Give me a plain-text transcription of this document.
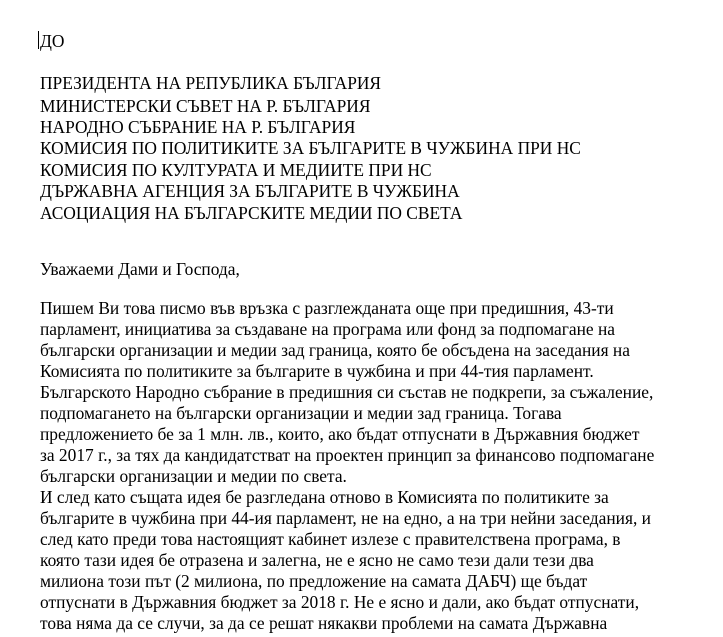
ДО
ПРЕЗИДЕНТА НА РЕПУБЛИКА БЪЛГАРИЯ
МИНИСТЕРСКИ СЪВЕТ НА Р. БЪЛГАРИЯ
НАРОДНО СЪБРАНИЕ НА Р. БЪЛГАРИЯ
КОМИСИЯ ПО ПОЛИТИКИТЕ ЗА БЪЛГАРИТЕ В ЧУЖБИНА ПРИ НС
КОМИСИЯ ПО КУЛТУРАТА И МЕДИИТЕ ПРИ НС
ДЪРЖАВНА АГЕНЦИЯ ЗА БЪЛГАРИТЕ В ЧУЖБИНА
АСОЦИАЦИЯ НА БЪЛГАРСКИТЕ МЕДИИ ПО СВЕТА
Уважаеми Дами и Господа,
Пишем Ви това писмо във връзка с разглежданата още при предишния, 43-ти
парламент, инициатива за създаване на програма или фонд за подпомагане на
български организации и медии зад граница, която бе обсъдена на заседания на
Комисията по политиките за българите в чужбина и при 44-тия парламент.
Българското Народно събрание в предишния си състав не подкрепи, за съжаление,
подпомагането на български организации и медии зад граница. Тогава
предложението бе за 1 млн. лв., които, ако бъдат отпуснати в Държавния бюджет
за 2017 г., за тях да кандидатстват на проектен принцип за финансово подпомагане
български организации и медии по света.
И след като същата идея бе разгледана отново в Комисията по политиките за
българите в чужбина при 44-ия парламент, не на едно, а на три нейни заседания, и
след като преди това настоящият кабинет излезе с правителствена програма, в
която тази идея бе отразена и залегна, не е ясно не само тези дали тези два
милиона този път (2 милиона, по предложение на самата ДАБЧ) ще бъдат
отпуснати в Държавния бюджет за 2018 г. Не е ясно и дали, ако бъдат отпуснати,
това няма да се случи, за да се решат някакви проблеми на самата Държавна
